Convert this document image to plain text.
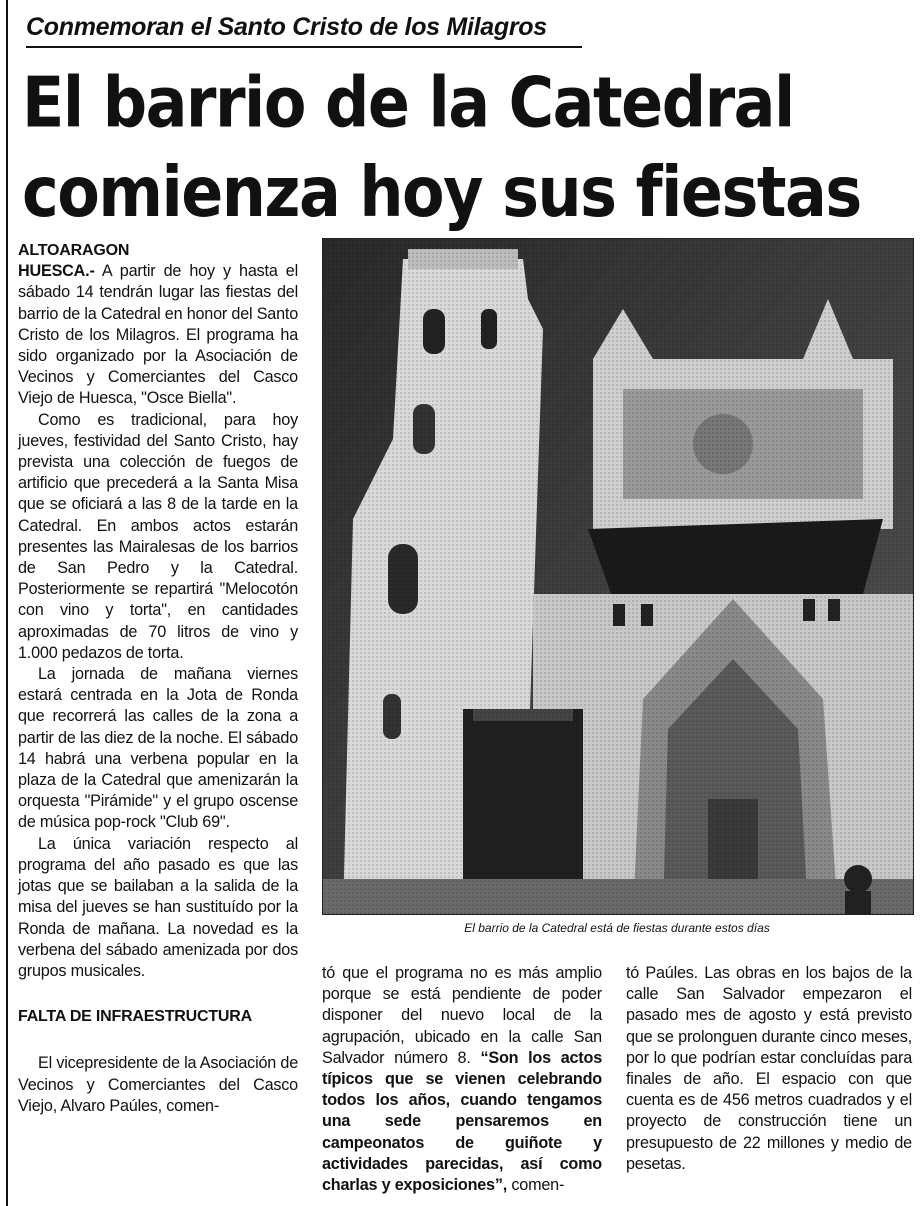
Conmemoran el Santo Cristo de los Milagros
El barrio de la Catedral
comienza hoy sus fiestas
ALTOARAGON

HUESCA.- A partir de hoy y hasta el sábado 14 tendrán lugar las fiestas del barrio de la Catedral en honor del Santo Cristo de los Milagros. El programa ha sido organizado por la Asociación de Vecinos y Comerciantes del Casco Viejo de Huesca, "Osce Biella".

Como es tradicional, para hoy jueves, festividad del Santo Cristo, hay prevista una colección de fuegos de artificio que precederá a la Santa Misa que se oficiará a las 8 de la tarde en la Catedral. En ambos actos estarán presentes las Mairalesas de los barrios de San Pedro y la Catedral. Posteriormente se repartirá "Melocotón con vino y torta", en cantidades aproximadas de 70 litros de vino y 1.000 pedazos de torta.

La jornada de mañana viernes estará centrada en la Jota de Ronda que recorrerá las calles de la zona a partir de las diez de la noche. El sábado 14 habrá una verbena popular en la plaza de la Catedral que amenizarán la orquesta "Pirámide" y el grupo oscense de música pop-rock "Club 69".

La única variación respecto al programa del año pasado es que las jotas que se bailaban a la salida de la misa del jueves se han sustituído por la Ronda de mañana. La novedad es la verbena del sábado amenizada por dos grupos musicales.

FALTA DE INFRAESTRUCTURA

El vicepresidente de la Asociación de Vecinos y Comerciantes del Casco Viejo, Alvaro Paúles, comen-

El barrio de la Catedral está de fiestas durante estos días

tó que el programa no es más amplio porque se está pendiente de poder disponer del nuevo local de la agrupación, ubicado en la calle San Salvador número 8. “Son los actos típicos que se vienen celebrando todos los años, cuando tengamos una sede pensaremos en campeonatos de guiñote y actividades parecidas, así como charlas y exposiciones”, comen-

tó Paúles. Las obras en los bajos de la calle San Salvador empezaron el pasado mes de agosto y está previsto que se prolonguen durante cinco meses, por lo que podrían estar concluídas para finales de año. El espacio con que cuenta es de 456 metros cuadrados y el proyecto de construcción tiene un presupuesto de 22 millones y medio de pesetas.
